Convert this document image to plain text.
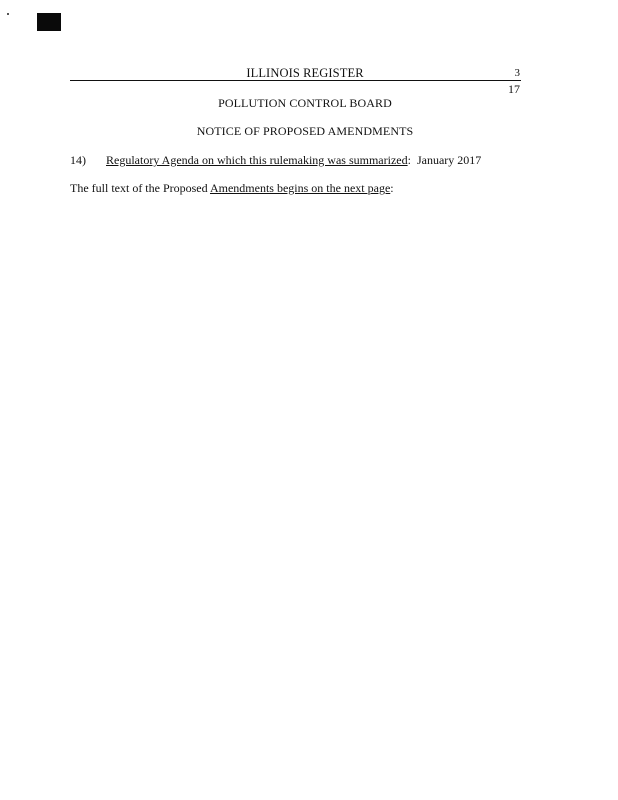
ILLINOIS REGISTER	3
17
POLLUTION CONTROL BOARD
NOTICE OF PROPOSED AMENDMENTS
14) Regulatory Agenda on which this rulemaking was summarized: January 2017
The full text of the Proposed Amendments begins on the next page:
